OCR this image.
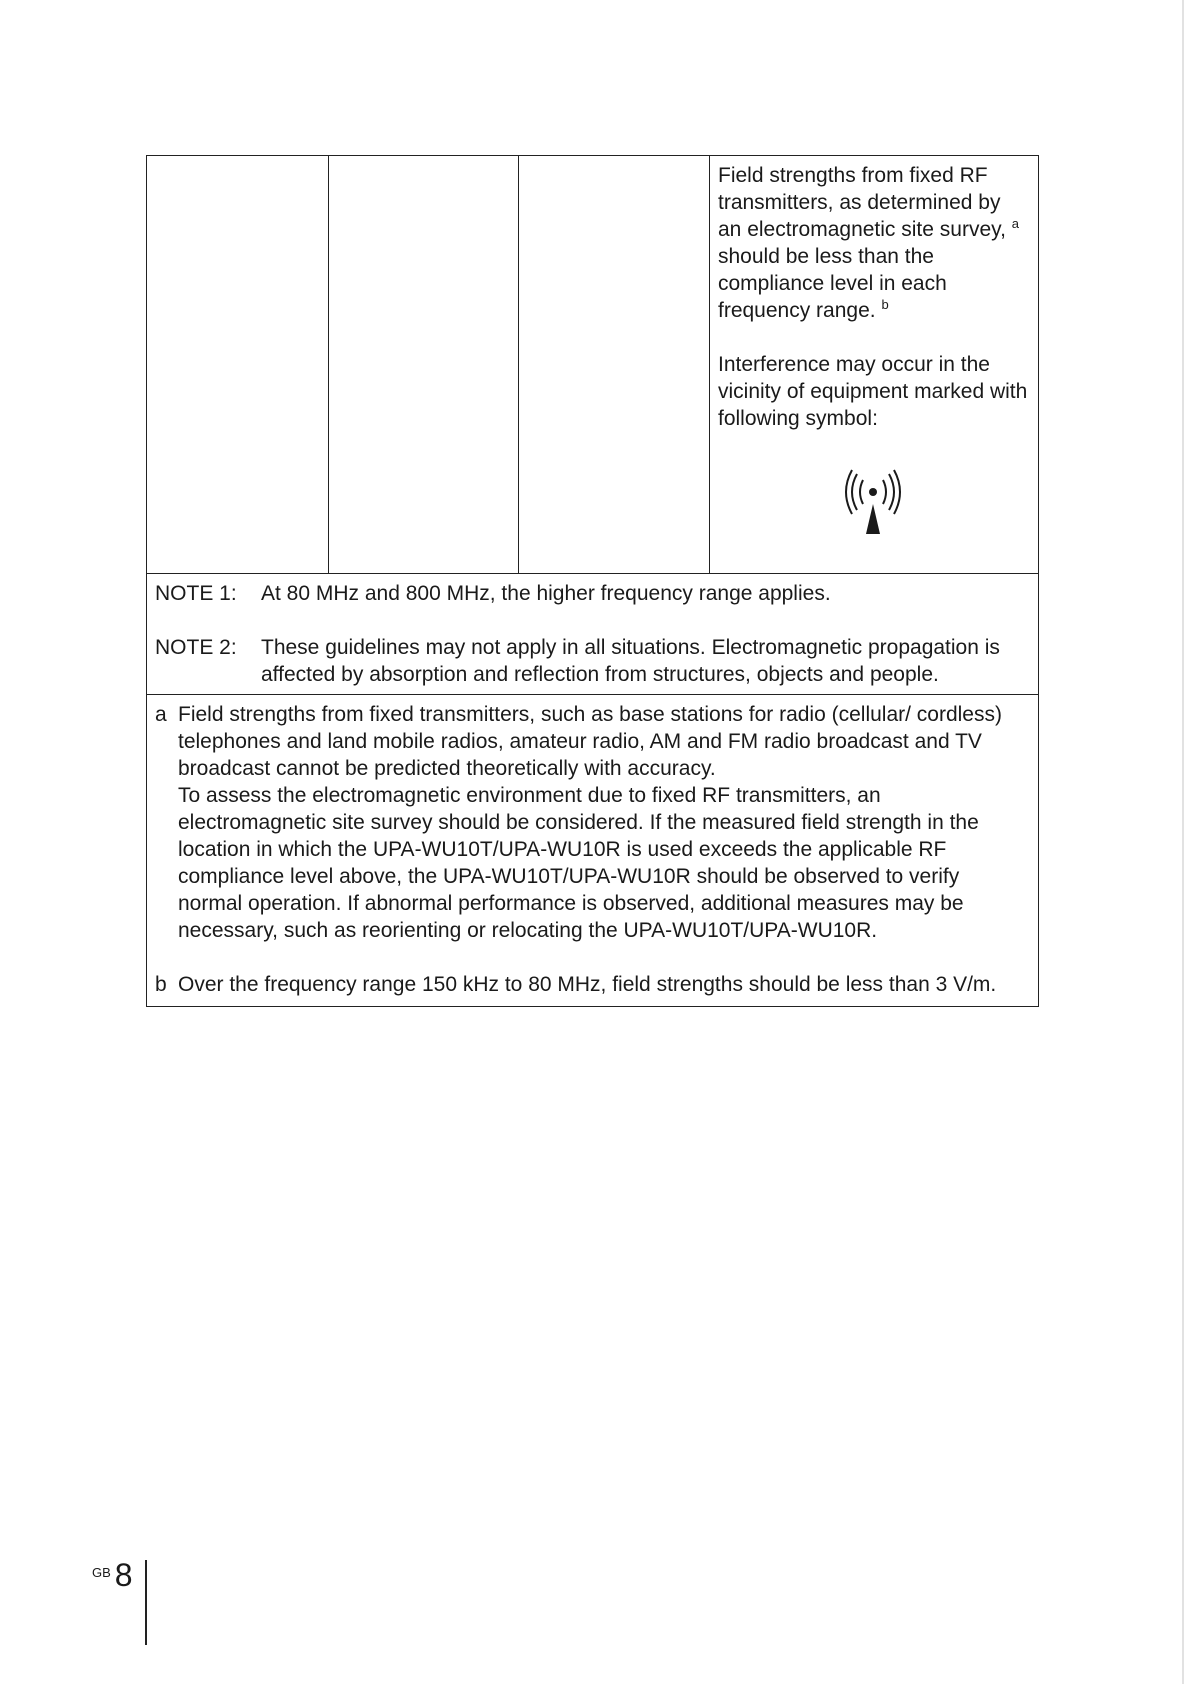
Field strengths from fixed RF transmitters, as determined by an electromagnetic site survey, $^a$ should be less than the compliance level in each frequency range. $^b$

Interference may occur in the vicinity of equipment marked with following symbol:

NOTE 1:	At 80 MHz and 800 MHz, the higher frequency range applies.
NOTE 2:	These guidelines may not apply in all situations. Electromagnetic propagation is affected by absorption and reflection from structures, objects and people.
a Field strengths from fixed transmitters, such as base stations for radio (cellular/ cordless) telephones and land mobile radios, amateur radio, AM and FM radio broadcast and TV broadcast cannot be predicted theoretically with accuracy.

To assess the electromagnetic environment due to fixed RF transmitters, an electromagnetic site survey should be considered. If the measured field strength in the location in which the UPA-WU10T/UPA-WU10R is used exceeds the applicable RF compliance level above, the UPA-WU10T/UPA-WU10R should be observed to verify normal operation. If abnormal performance is observed, additional measures may be necessary, such as reorienting or relocating the UPA-WU10T/UPA-WU10R.

b Over the frequency range 150 kHz to 80 MHz, field strengths should be less than 3 V/m.

GB 8
